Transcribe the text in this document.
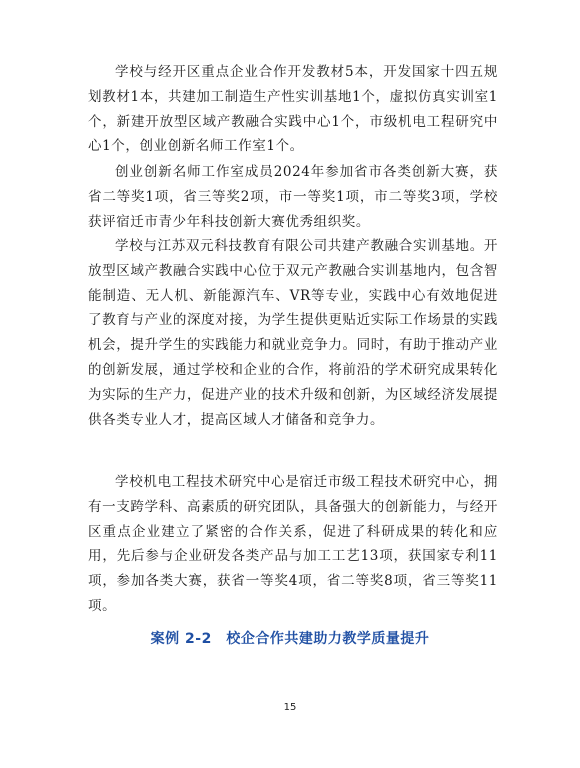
学校与经开区重点企业合作开发教材5本，开发国家十四五规划教材1本，共建加工制造生产性实训基地1个，虚拟仿真实训室1个，新建开放型区域产教融合实践中心1个，市级机电工程研究中心1个，创业创新名师工作室1个。

创业创新名师工作室成员2024年参加省市各类创新大赛，获省二等奖1项，省三等奖2项，市一等奖1项，市二等奖3项，学校获评宿迁市青少年科技创新大赛优秀组织奖。

学校与江苏双元科技教育有限公司共建产教融合实训基地。开放型区域产教融合实践中心位于双元产教融合实训基地内，包含智能制造、无人机、新能源汽车、VR等专业，实践中心有效地促进了教育与产业的深度对接，为学生提供更贴近实际工作场景的实践机会，提升学生的实践能力和就业竞争力。同时，有助于推动产业的创新发展，通过学校和企业的合作，将前沿的学术研究成果转化为实际的生产力，促进产业的技术升级和创新，为区域经济发展提供各类专业人才，提高区域人才储备和竞争力。

学校机电工程技术研究中心是宿迁市级工程技术研究中心，拥有一支跨学科、高素质的研究团队，具备强大的创新能力，与经开区重点企业建立了紧密的合作关系，促进了科研成果的转化和应用，先后参与企业研发各类产品与加工工艺13项，获国家专利11项，参加各类大赛，获省一等奖4项，省二等奖8项，省三等奖11项。

案例 2-2　校企合作共建助力教学质量提升
15
